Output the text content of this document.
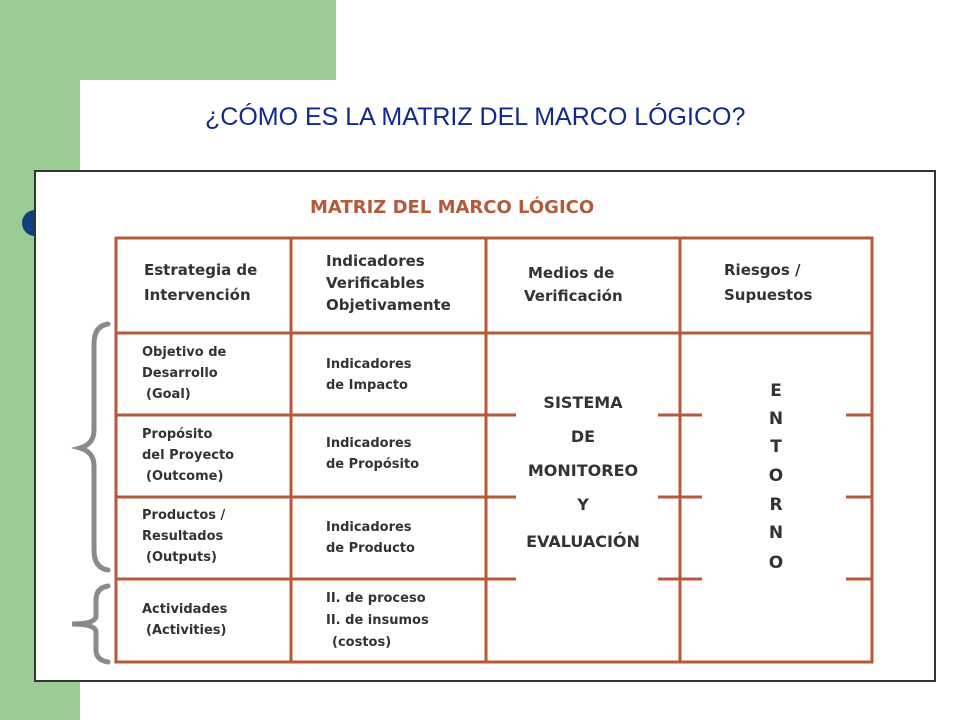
¿CÓMO ES LA MATRIZ DEL MARCO LÓGICO?
MATRIZ DEL MARCO LÓGICO
Estrategia de
Intervención
Indicadores
Verificables
Objetivamente
Medios de
Verificación
Riesgos /
Supuestos
Objetivo de
Desarrollo
(Goal)
Indicadores
de Impacto
Propósito
del Proyecto
(Outcome)
Indicadores
de Propósito
Productos /
Resultados
(Outputs)
Indicadores
de Producto
Actividades
(Activities)
II. de proceso
II. de insumos
(costos)
SISTEMA
DE
MONITOREO
Y
EVALUACIÓN
E
N
T
O
R
N
O
